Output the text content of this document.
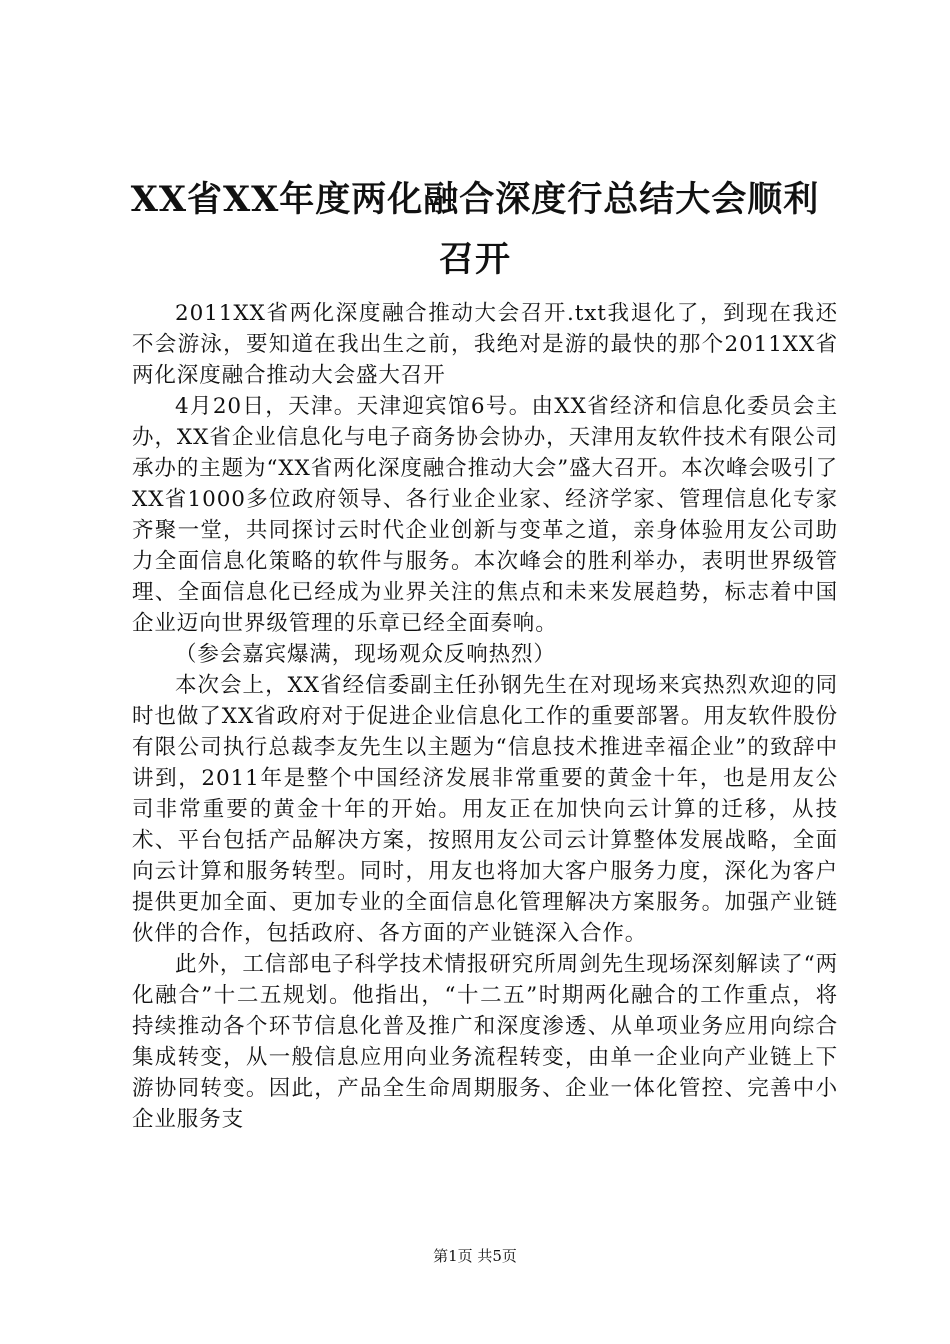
XX省XX年度两化融合深度行总结大会顺利召开

2011XX省两化深度融合推动大会召开.txt我退化了，到现在我还不会游泳，要知道在我出生之前，我绝对是游的最快的那个2011XX省两化深度融合推动大会盛大召开

4月20日，天津。天津迎宾馆6号。由XX省经济和信息化委员会主办，XX省企业信息化与电子商务协会协办，天津用友软件技术有限公司承办的主题为“XX省两化深度融合推动大会”盛大召开。本次峰会吸引了XX省1000多位政府领导、各行业企业家、经济学家、管理信息化专家齐聚一堂，共同探讨云时代企业创新与变革之道，亲身体验用友公司助力全面信息化策略的软件与服务。本次峰会的胜利举办，表明世界级管理、全面信息化已经成为业界关注的焦点和未来发展趋势，标志着中国企业迈向世界级管理的乐章已经全面奏响。

（参会嘉宾爆满，现场观众反响热烈）

本次会上，XX省经信委副主任孙钢先生在对现场来宾热烈欢迎的同时也做了XX省政府对于促进企业信息化工作的重要部署。用友软件股份有限公司执行总裁李友先生以主题为“信息技术推进幸福企业”的致辞中讲到，2011年是整个中国经济发展非常重要的黄金十年，也是用友公司非常重要的黄金十年的开始。用友正在加快向云计算的迁移，从技术、平台包括产品解决方案，按照用友公司云计算整体发展战略，全面向云计算和服务转型。同时，用友也将加大客户服务力度，深化为客户提供更加全面、更加专业的全面信息化管理解决方案服务。加强产业链伙伴的合作，包括政府、各方面的产业链深入合作。

此外，工信部电子科学技术情报研究所周剑先生现场深刻解读了“两化融合”十二五规划。他指出，“十二五”时期两化融合的工作重点，将持续推动各个环节信息化普及推广和深度渗透、从单项业务应用向综合集成转变，从一般信息应用向业务流程转变，由单一企业向产业链上下游协同转变。因此，产品全生命周期服务、企业一体化管控、完善中小企业服务支

第1页 共5页
